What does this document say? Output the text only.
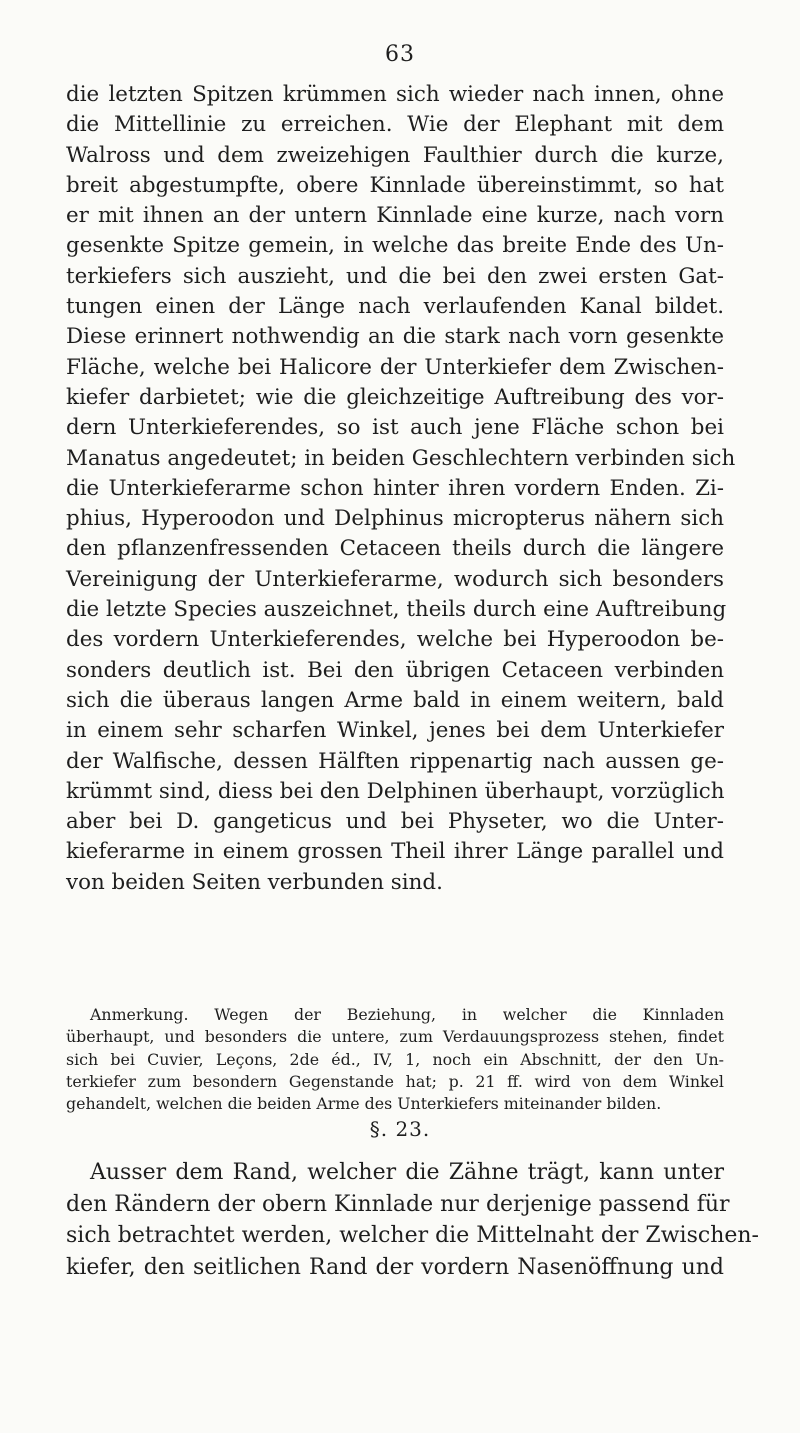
63
die letzten Spitzen krümmen sich wieder nach innen, ohne
die Mittellinie zu erreichen. Wie der Elephant mit dem
Walross und dem zweizehigen Faulthier durch die kurze,
breit abgestumpfte, obere Kinnlade übereinstimmt, so hat
er mit ihnen an der untern Kinnlade eine kurze, nach vorn
gesenkte Spitze gemein, in welche das breite Ende des Un-
terkiefers sich auszieht, und die bei den zwei ersten Gat-
tungen einen der Länge nach verlaufenden Kanal bildet.
Diese erinnert nothwendig an die stark nach vorn gesenkte
Fläche, welche bei Halicore der Unterkiefer dem Zwischen-
kiefer darbietet; wie die gleichzeitige Auftreibung des vor-
dern Unterkieferendes, so ist auch jene Fläche schon bei
Manatus angedeutet; in beiden Geschlechtern verbinden sich
die Unterkieferarme schon hinter ihren vordern Enden. Zi-
phius, Hyperoodon und Delphinus micropterus nähern sich
den pflanzenfressenden Cetaceen theils durch die längere
Vereinigung der Unterkieferarme, wodurch sich besonders
die letzte Species auszeichnet, theils durch eine Auftreibung
des vordern Unterkieferendes, welche bei Hyperoodon be-
sonders deutlich ist. Bei den übrigen Cetaceen verbinden
sich die überaus langen Arme bald in einem weitern, bald
in einem sehr scharfen Winkel, jenes bei dem Unterkiefer
der Walfische, dessen Hälften rippenartig nach aussen ge-
krümmt sind, diess bei den Delphinen überhaupt, vorzüglich
aber bei D. gangeticus und bei Physeter, wo die Unter-
kieferarme in einem grossen Theil ihrer Länge parallel und
von beiden Seiten verbunden sind.
Anmerkung. Wegen der Beziehung, in welcher die Kinnladen
überhaupt, und besonders die untere, zum Verdauungsprozess stehen, findet
sich bei Cuvier, Leçons, 2de éd., IV, 1, noch ein Abschnitt, der den Un-
terkiefer zum besondern Gegenstande hat; p. 21 ff. wird von dem Winkel
gehandelt, welchen die beiden Arme des Unterkiefers miteinander bilden.
§. 23.
Ausser dem Rand, welcher die Zähne trägt, kann unter
den Rändern der obern Kinnlade nur derjenige passend für
sich betrachtet werden, welcher die Mittelnaht der Zwischen-
kiefer, den seitlichen Rand der vordern Nasenöffnung und
